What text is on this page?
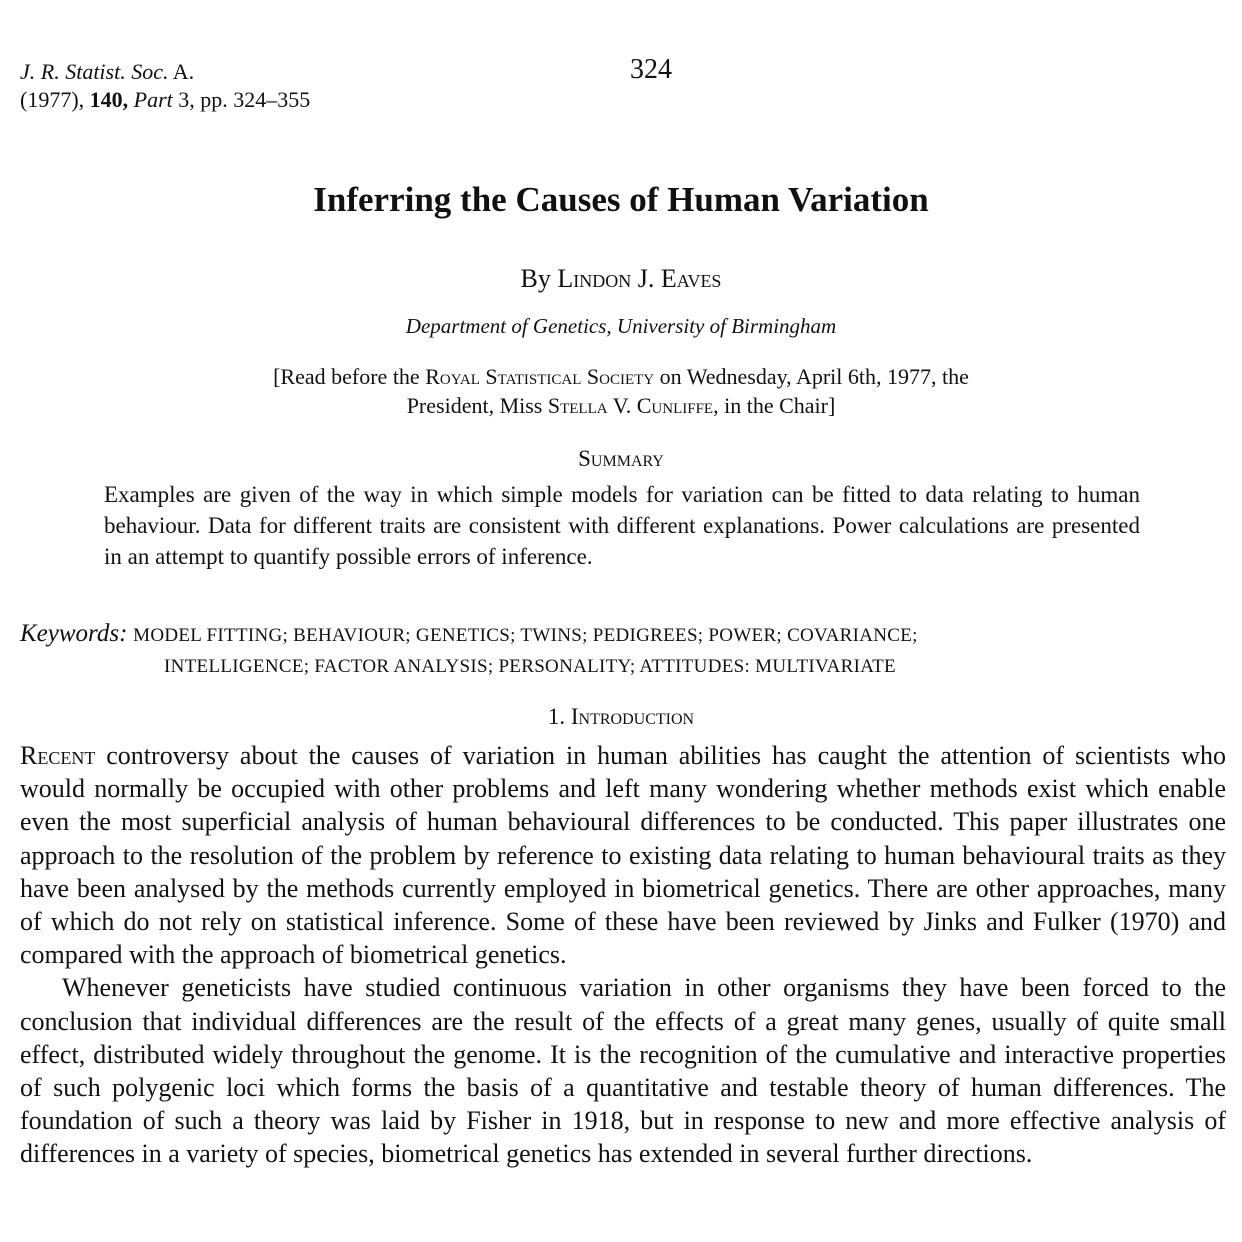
J. R. Statist. Soc. A.
(1977), 140, Part 3, pp. 324–355
324
Inferring the Causes of Human Variation
By Lindon J. Eaves
Department of Genetics, University of Birmingham
[Read before the Royal Statistical Society on Wednesday, April 6th, 1977, the
President, Miss Stella V. Cunliffe, in the Chair]
Summary
Examples are given of the way in which simple models for variation can be fitted to data relating to human behaviour. Data for different traits are consistent with different explanations. Power calculations are presented in an attempt to quantify possible errors of inference.
Keywords: MODEL FITTING; BEHAVIOUR; GENETICS; TWINS; PEDIGREES; POWER; COVARIANCE;
INTELLIGENCE; FACTOR ANALYSIS; PERSONALITY; ATTITUDES: MULTIVARIATE
1. Introduction

Recent controversy about the causes of variation in human abilities has caught the attention of scientists who would normally be occupied with other problems and left many wondering whether methods exist which enable even the most superficial analysis of human behavioural differences to be conducted. This paper illustrates one approach to the resolution of the problem by reference to existing data relating to human behavioural traits as they have been analysed by the methods currently employed in biometrical genetics. There are other approaches, many of which do not rely on statistical inference. Some of these have been reviewed by Jinks and Fulker (1970) and compared with the approach of biometrical genetics.

Whenever geneticists have studied continuous variation in other organisms they have been forced to the conclusion that individual differences are the result of the effects of a great many genes, usually of quite small effect, distributed widely throughout the genome. It is the recognition of the cumulative and interactive properties of such polygenic loci which forms the basis of a quantitative and testable theory of human differences. The foundation of such a theory was laid by Fisher in 1918, but in response to new and more effective analysis of differences in a variety of species, biometrical genetics has extended in several further directions.
